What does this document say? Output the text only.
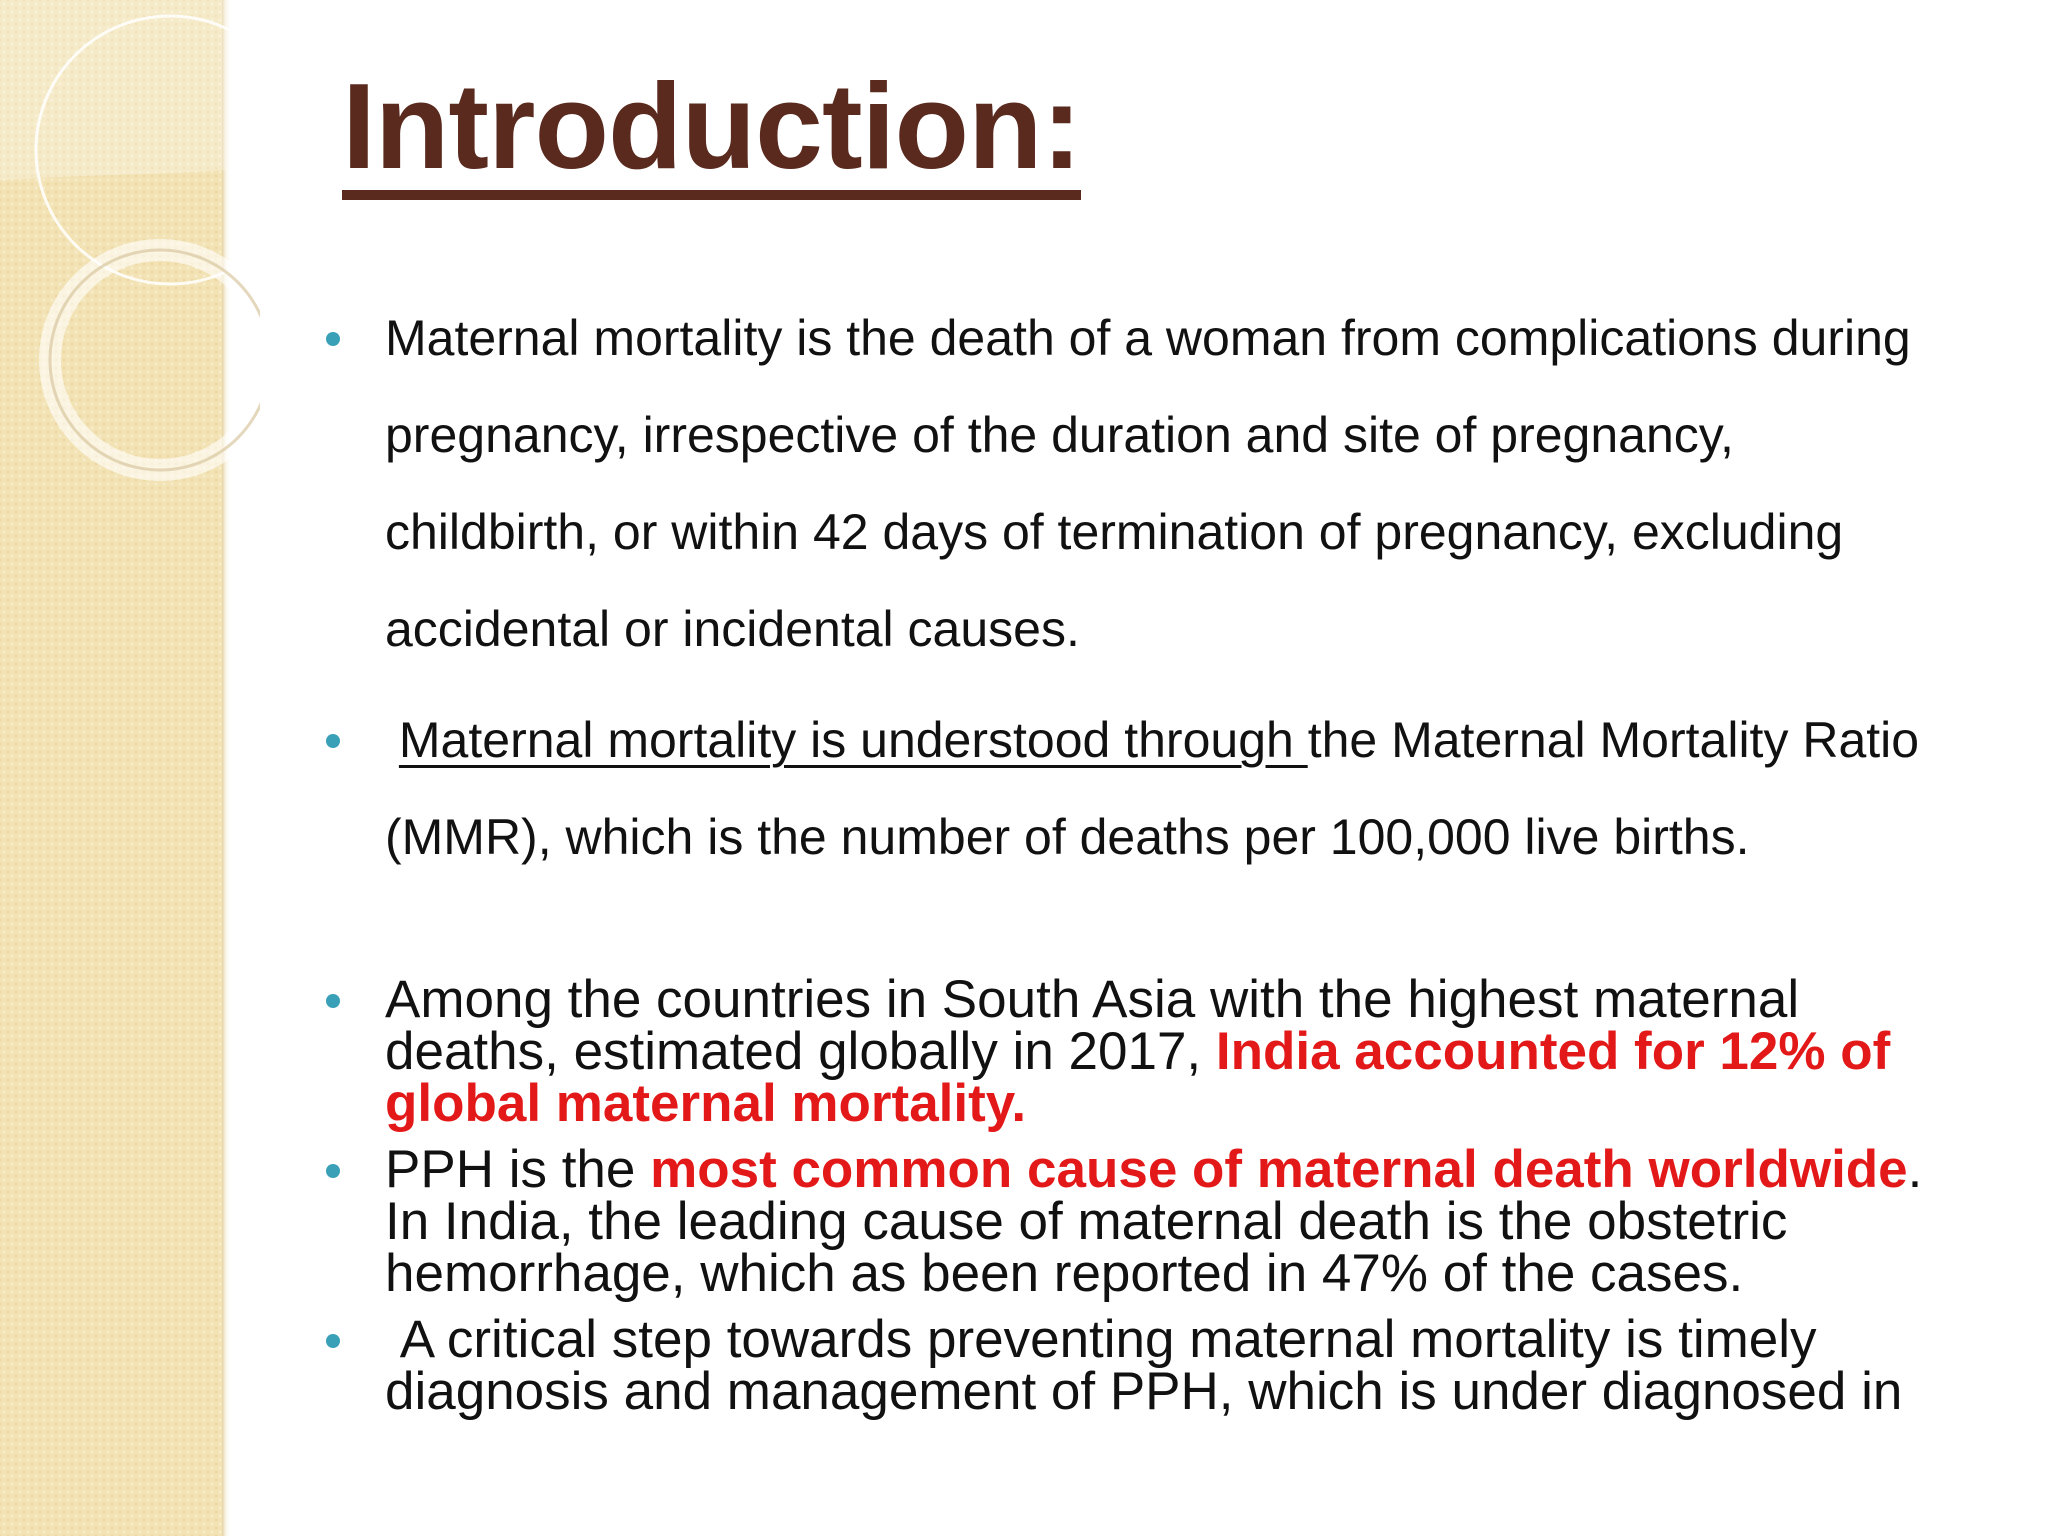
Introduction:
Maternal mortality is the death of a woman from complications during pregnancy, irrespective of the duration and site of pregnancy, childbirth, or within 42 days of termination of pregnancy, excluding accidental or incidental causes.
Maternal mortality is understood through the Maternal Mortality Ratio (MMR), which is the number of deaths per 100,000 live births.
Among the countries in South Asia with the highest maternal deaths, estimated globally in 2017, India accounted for 12% of global maternal mortality.
PPH is the most common cause of maternal death worldwide. In India, the leading cause of maternal death is the obstetric hemorrhage, which as been reported in 47% of the cases.
A critical step towards preventing maternal mortality is timely diagnosis and management of PPH, which is under diagnosed in
